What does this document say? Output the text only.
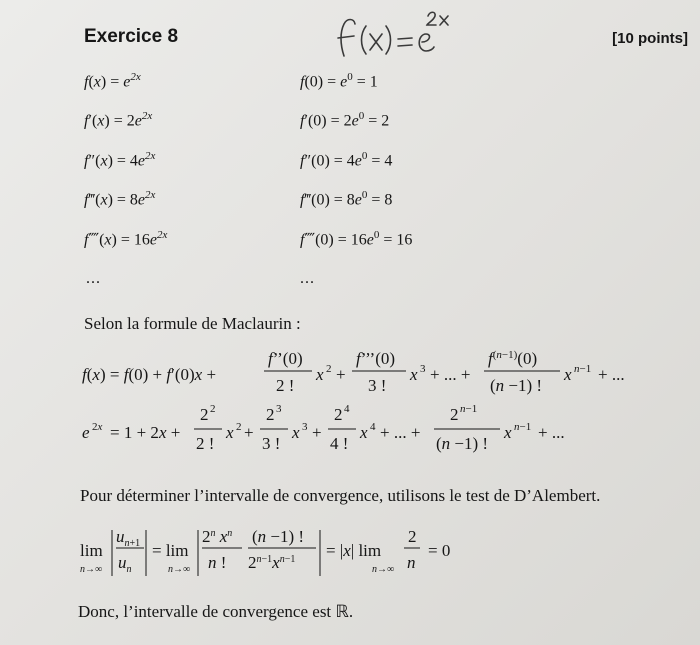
Exercice 8	[10 points]
$f(x) = e^{2x}$
$f'(x) = 2e^{2x}$
$f''(x) = 4e^{2x}$
f‴(x) = $8e^{2x}$
f⁗(x) = $16e^{2x}$
...
$f(0) = e^0 = 1$
$f'(0) = 2e^0 = 2$
$f''(0) = 4e^0 = 4$
f‴(0) = $8e^0 = 8$
f⁗(0) = $16e^0 = 16$
...
Selon la formule de Maclaurin :
f(x) = f(0) + f′(0)x +
f’’(0)
2 !
x 2 +
f’’’(0)
3 !
x 3 + ... +
$f^{(n-1)}(0)$
(n −1) !
x n−1 + ...
e 2x = 1 + 2x +
2 2
2 !
x 2 +
2 3
3 !
x 3 +
2 4
4 !
x 4 + ... +
2 n−1
(n −1) !
x n−1 + ...
Pour déterminer l’intervalle de convergence, utilisons le test de D’Alembert.
lim
n→∞
$u_{n+1}$
$u_n$
= lim
n→∞
2$^n$ $x^n$
n !
(n −1) !
$2^{n-1}x^{n-1} = |x|$ lim
n→∞
2
n
= 0
Donc, l’intervalle de convergence est ℝ.
